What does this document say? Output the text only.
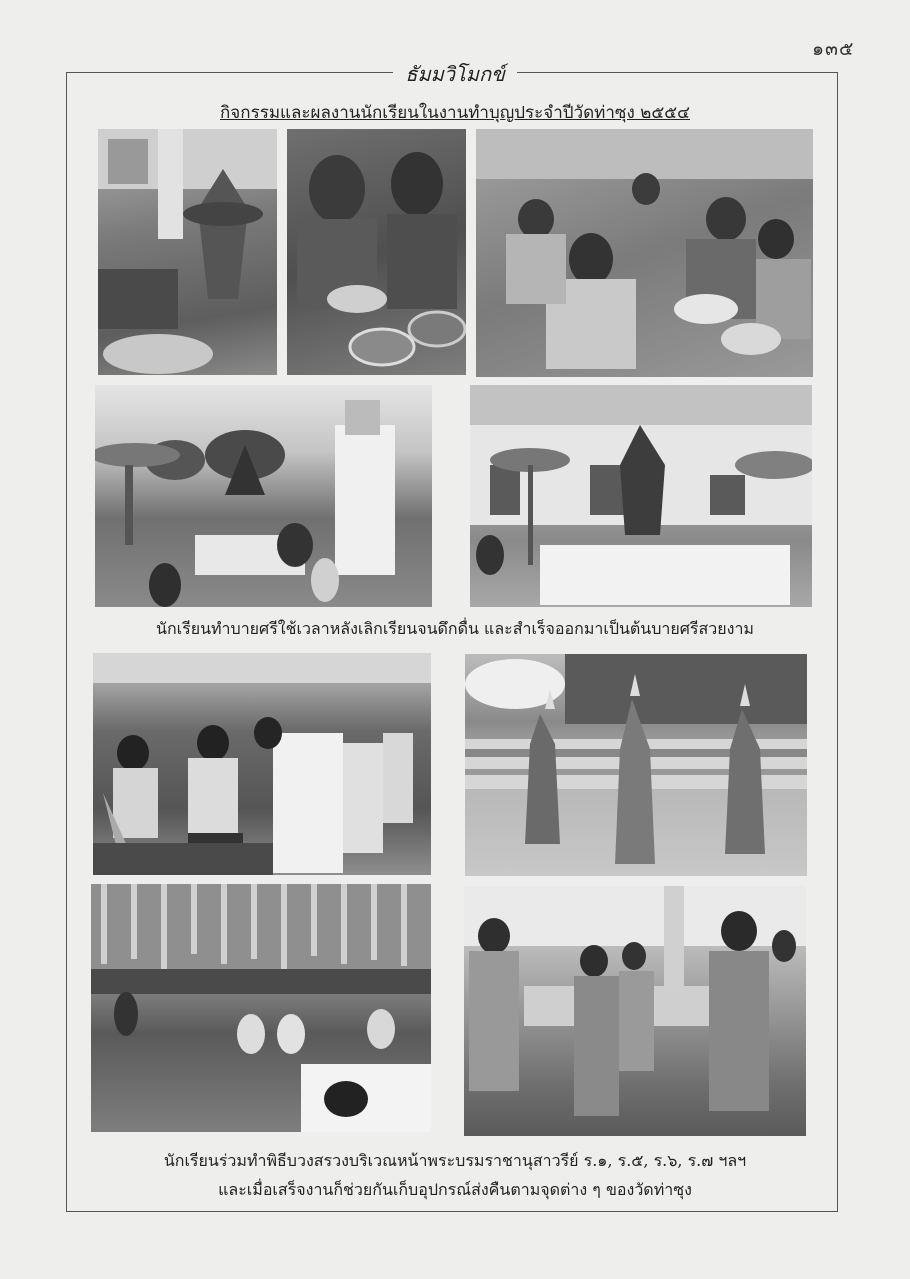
๑๓๕
ธัมมวิโมกข์
กิจกรรมและผลงานนักเรียนในงานทำบุญประจำปีวัดท่าซุง ๒๕๕๔
นักเรียนทำบายศรีใช้เวลาหลังเลิกเรียนจนดึกดื่น และสำเร็จออกมาเป็นต้นบายศรีสวยงาม
นักเรียนร่วมทำพิธีบวงสรวงบริเวณหน้าพระบรมราชานุสาวรีย์ ร.๑, ร.๕, ร.๖, ร.๗ ฯลฯ
และเมื่อเสร็จงานก็ช่วยกันเก็บอุปกรณ์ส่งคืนตามจุดต่าง ๆ ของวัดท่าซุง
